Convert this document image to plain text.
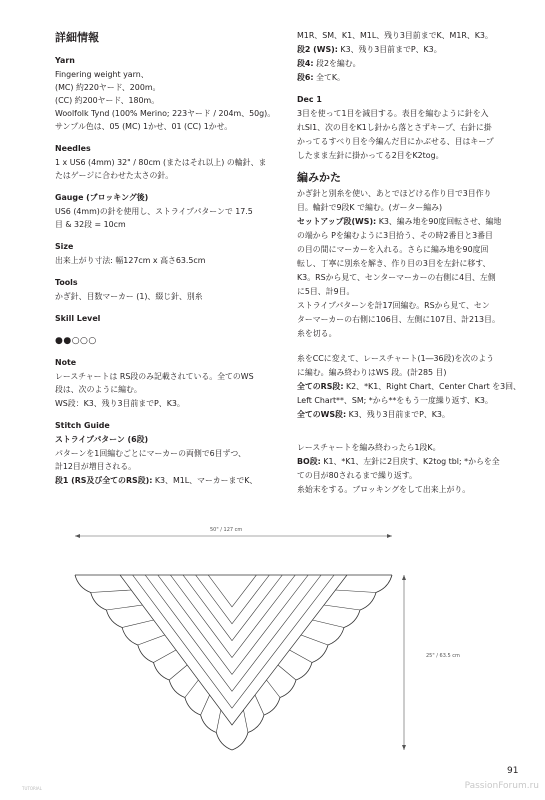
詳細情報
Yarn
Fingering weight yarn、
(MC) 約220ヤード、200m。
(CC) 約200ヤード、180m。
Woolfolk Tynd (100% Merino; 223ヤード / 204m、50g)。
サンプル色は、05 (MC) 1かせ、01 (CC) 1かせ。
Needles
1 x US6 (4mm) 32" / 80cm (またはそれ以上) の輪針、ま
たはゲージに合わせた太さの針。
Gauge (ブロッキング後)
US6 (4mm)の針を使用し、ストライプパターンで 17.5
目 & 32段 = 10cm
Size
出来上がり寸法: 幅127cm x 高さ63.5cm
Tools
かぎ針、目数マーカー (1)、綴じ針、別糸
Skill Level
●●○○○
Note
レースチャートは RS段のみ記載されている。全てのWS
段は、次のように編む。
WS段：K3、残り3目前までP、K3。
Stitch Guide
ストライプパターン (6段)
パターンを1回編むごとにマーカーの両側で6目ずつ、
計12目が増目される。
段1 (RS及び全てのRS段): K3、M1L、マーカーまでK、
M1R、SM、K1、M1L、残り3目前までK、M1R、K3。
段2 (WS): K3、残り3目前までP、K3。
段4: 段2を編む。
段6: 全てK。
Dec 1
3目を使って1目を減目する。表目を編むように針を入
れSl1、次の目をK1し針から落とさずキープ、右針に掛
かってるすべり目を今編んだ目にかぶせる、目はキープ
したまま左針に掛かってる2目をK2tog。
編みかた
かぎ針と別糸を使い、あとでほどける作り目で3目作り
目。輪針で9段K で編む。(ガーター編み)
セットアップ段(WS): K3、編み地を90度回転させ、編地
の端から Pを編むように3目拾う、その時2番目と3番目
の目の間にマーカーを入れる。さらに編み地を90度回
転し、丁寧に別糸を解き、作り目の3目を左針に移す、
K3。RSから見て、センターマーカーの右側に4目、左側
に5目、計9目。
ストライプパターンを計17回編む。RSから見て、セン
ターマーカーの右側に106目、左側に107目、計213目。
糸を切る。
糸をCCに変えて、レースチャート(1―36段)を次のよう
に編む。編み終わりはWS 段。(計285 目)
全てのRS段: K2、*K1、Right Chart、Center Chart を3回、
Left Chart**、SM; *から**をもう一度繰り返す、K3。
全てのWS段: K3、残り3目前までP、K3。
レースチャートを編み終わったら1段K。
BO段: K1、*K1、左針に2目戻す、K2tog tbl; *からを全
ての目が80されるまで繰り返す。
糸始末をする。ブロッキングをして出来上がり。
50" / 127 cm
25" / 63.5 cm
91
TUTORIAL	PassionForum.ru
